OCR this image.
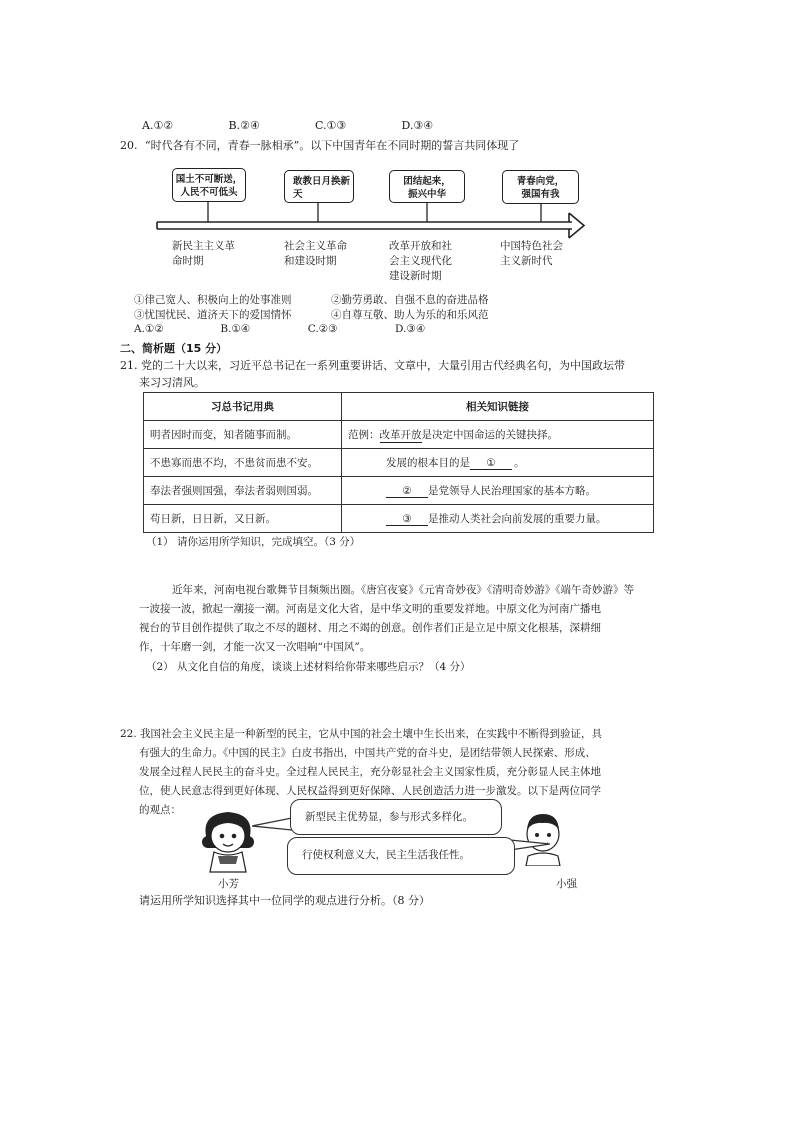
A.①②	B.②④	C.①③	D.③④
20. “时代各有不同，青春一脉相承”。以下中国青年在不同时期的誓言共同体现了
国土不可断送，
人民不可低头
敢教日月换新
天
团结起来，
振兴中华
青春向党，
强国有我
新民主主义革
命时期
社会主义革命
和建设时期
改革开放和社
会主义现代化
建设新时期
中国特色社会
主义新时代
①律己宽人、积极向上的处事准则	②勤劳勇敢、自强不息的奋进品格
③忧国忧民、道济天下的爱国情怀	④自尊互敬、助人为乐的和乐风范
A.①②	B.①④	C.②③	D.③④
二、简析题（15 分）
21. 党的二十大以来，习近平总书记在一系列重要讲话、文章中，大量引用古代经典名句，为中国政坛带
来习习清风。
习总书记用典	相关知识链接
明者因时而变，知者随事而制。	范例：改革开放是决定中国命运的关键抉择。
不患寡而患不均，不患贫而患不安。	发展的根本目的是 ① 。
奉法者强则国强，奉法者弱则国弱。	② 是党领导人民治理国家的基本方略。
苟日新，日日新，又日新。	③ 是推动人类社会向前发展的重要力量。
（1） 请你运用所学知识，完成填空。（3 分）
近年来，河南电视台歌舞节目频频出圈。《唐宫夜宴》《元宵奇妙夜》《清明奇妙游》《端午奇妙游》等
一波接一波，掀起一潮接一潮。河南是文化大省，是中华文明的重要发祥地。中原文化为河南广播电
视台的节目创作提供了取之不尽的题材、用之不竭的创意。创作者们正是立足中原文化根基，深耕细
作，十年磨一剑，才能一次又一次唱响“中国风”。
（2） 从文化自信的角度，谈谈上述材料给你带来哪些启示？（4 分）
22. 我国社会主义民主是一种新型的民主，它从中国的社会土壤中生长出来，在实践中不断得到验证，具
有强大的生命力。《中国的民主》白皮书指出，中国共产党的奋斗史，是团结带领人民探索、形成、
发展全过程人民民主的奋斗史。全过程人民民主，充分彰显社会主义国家性质，充分彰显人民主体地
位，使人民意志得到更好体现、人民权益得到更好保障、人民创造活力进一步激发。以下是两位同学
的观点：
新型民主优势显，参与形式多样化。
行使权利意义大，民主生活我任性。
小芳	小强
请运用所学知识选择其中一位同学的观点进行分析。（8 分）
